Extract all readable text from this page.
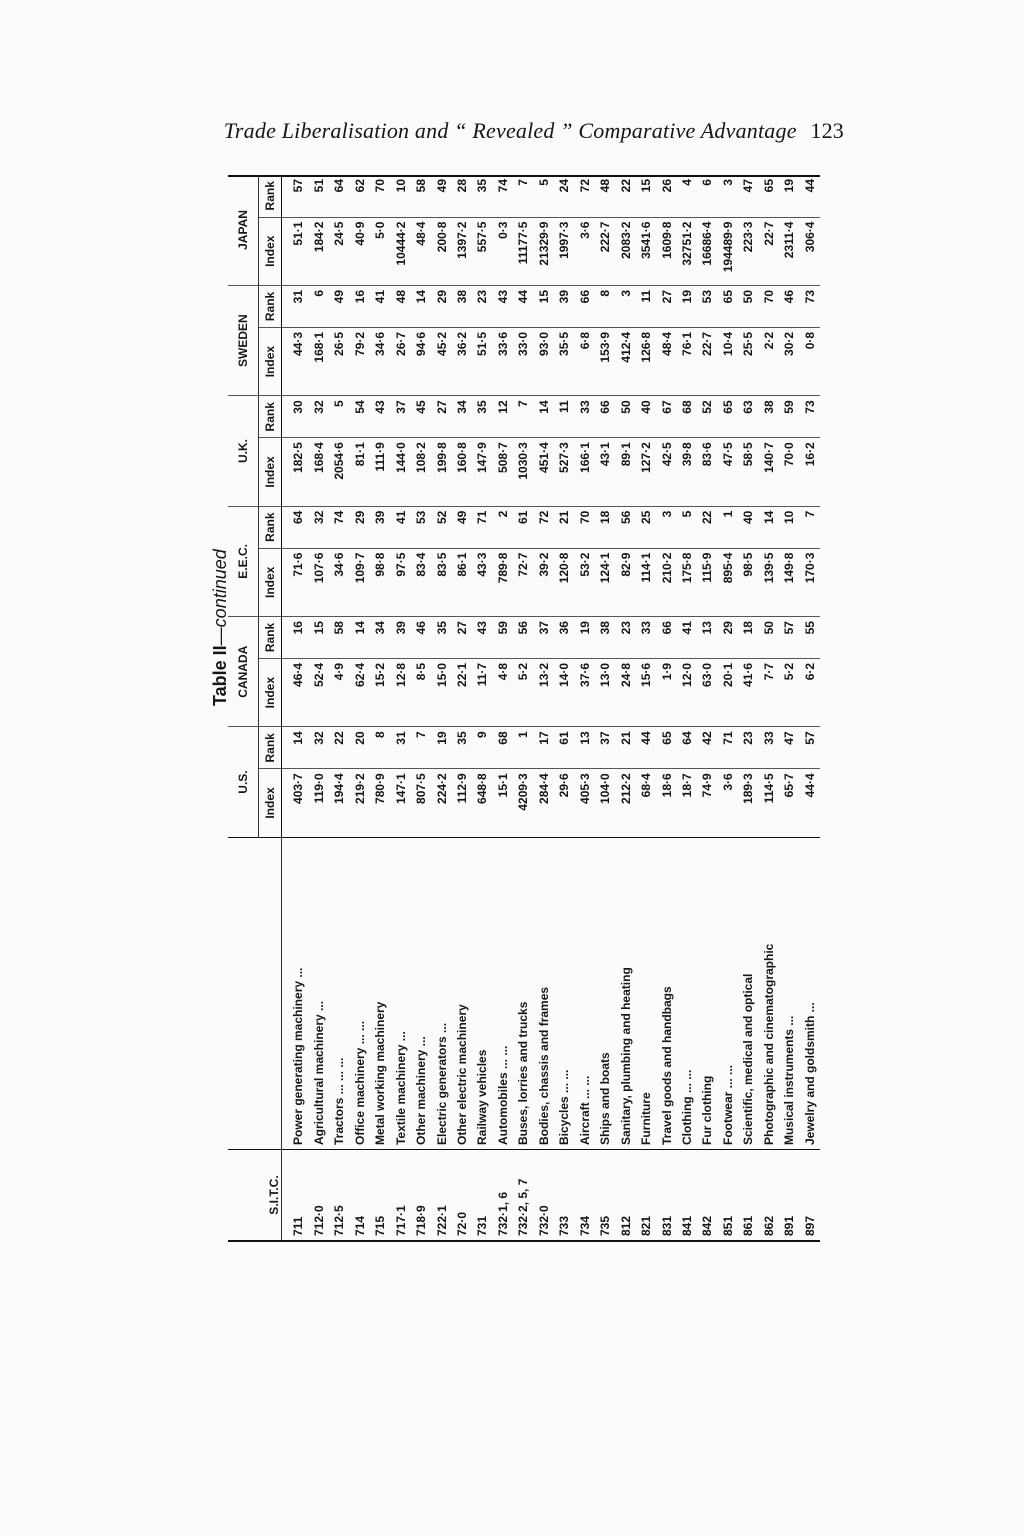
Trade Liberalisation and “ Revealed ” Comparative Advantage 123
Table II—continued
S.I.T.C.		U.S.		CANADA		E.E.C.		U.K.		SWEDEN		JAPAN	
		Index	Rank	Index	Rank	Index	Rank	Index	Rank	Index	Rank	Index	Rank
711	Power generating machinery ...	403·7	14	46·4	16	71·6	64	182·5	30	44·3	31	51·1	57
712·0	Agricultural machinery ...	119·0	32	52·4	15	107·6	32	168·4	32	168·1	6	184·2	51
712·5	Tractors ... ... ...	194·4	22	4·9	58	34·6	74	2054·6	5	26·5	49	24·5	64
714	Office machinery ... ...	219·2	20	62·4	14	109·7	29	81·1	54	79·2	16	40·9	62
715	Metal working machinery	780·9	8	15·2	34	98·8	39	111·9	43	34·6	41	5·0	70
717·1	Textile machinery ...	147·1	31	12·8	39	97·5	41	144·0	37	26·7	48	10444·2	10
718·9	Other machinery ...	807·5	7	8·5	46	83·4	53	108·2	45	94·6	14	48·4	58
722·1	Electric generators ...	224·2	19	15·0	35	83·5	52	199·8	27	45·2	29	200·8	49
72·0	Other electric machinery	112·9	35	22·1	27	86·1	49	160·8	34	36·2	38	1397·2	28
731	Railway vehicles	648·8	9	11·7	43	43·3	71	147·9	35	51·5	23	557·5	35
732·1, 6	Automobiles ... ...	15·1	68	4·8	59	789·8	2	508·7	12	33·6	43	0·3	74
732·2, 5, 7	Buses, lorries and trucks	4209·3	1	5·2	56	72·7	61	1030·3	7	33·0	44	11177·5	7
732·0	Bodies, chassis and frames	284·4	17	13·2	37	39·2	72	451·4	14	93·0	15	21329·9	5
733	Bicycles ... ...	29·6	61	14·0	36	120·8	21	527·3	11	35·5	39	1997·3	24
734	Aircraft ... ...	405·3	13	37·6	19	53·2	70	166·1	33	6·8	66	3·6	72
735	Ships and boats	104·0	37	13·0	38	124·1	18	43·1	66	153·9	8	222·7	48
812	Sanitary, plumbing and heating	212·2	21	24·8	23	82·9	56	89·1	50	412·4	3	2083·2	22
821	Furniture	68·4	44	15·6	33	114·1	25	127·2	40	126·8	11	3541·6	15
831	Travel goods and handbags	18·6	65	1·9	66	210·2	3	42·5	67	48·4	27	1609·8	26
841	Clothing ... ...	18·7	64	12·0	41	175·8	5	39·8	68	76·1	19	32751·2	4
842	Fur clothing	74·9	42	63·0	13	115·9	22	83·6	52	22·7	53	16686·4	6
851	Footwear ... ...	3·6	71	20·1	29	895·4	1	47·5	65	10·4	65	194489·9	3
861	Scientific, medical and optical	189·3	23	41·6	18	98·5	40	58·5	63	25·5	50	223·3	47
862	Photographic and cinematographic	114·5	33	7·7	50	139·5	14	140·7	38	2·2	70	22·7	65
891	Musical instruments ...	65·7	47	5·2	57	149·8	10	70·0	59	30·2	46	2311·4	19
897	Jewelry and goldsmith ...	44·4	57	6·2	55	170·3	7	16·2	73	0·8	73	306·4	44
